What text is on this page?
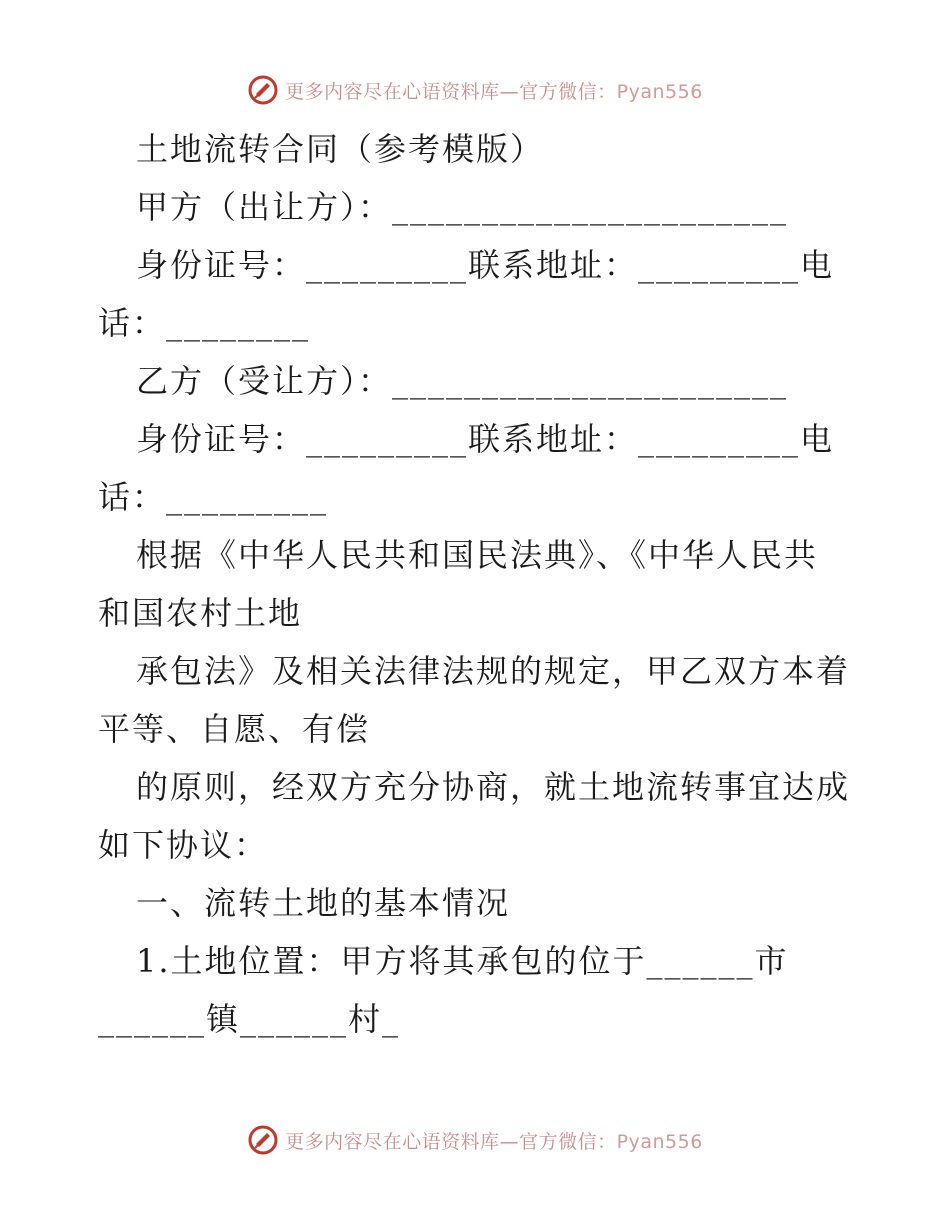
更多内容尽在心语资料库—官方微信：Pyan556
土地流转合同（参考模版）
甲方（出让方）：______________________
身份证号：_________联系地址：_________电
话：________
乙方（受让方）：______________________
身份证号：_________联系地址：_________电
话：_________
根据《中华人民共和国民法典》、《中华人民共
和国农村土地
承包法》及相关法律法规的规定，甲乙双方本着
平等、自愿、有偿
的原则，经双方充分协商，就土地流转事宜达成
如下协议：
一、流转土地的基本情况
1.土地位置：甲方将其承包的位于______市
______镇______村_
更多内容尽在心语资料库—官方微信：Pyan556
